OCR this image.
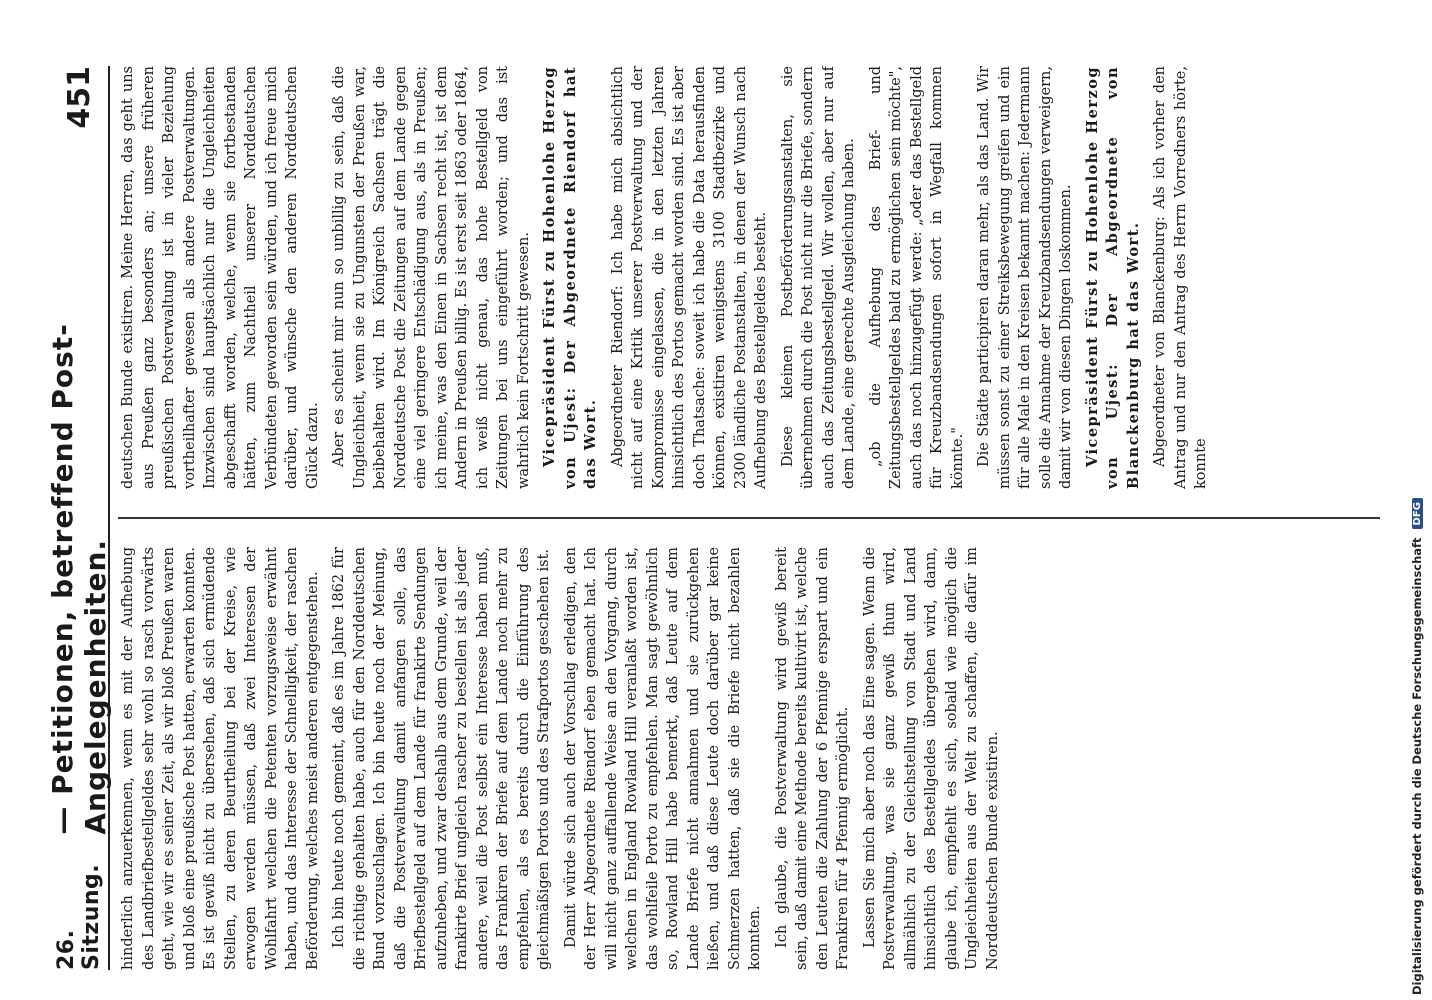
26. Sitzung.
— Petitionen, betreffend Post-Angelegenheiten.
451

hinderlich anzuerkennen, wenn es mit der Aufhebung des Landbriefbestellgeldes sehr wohl so rasch vorwärts geht, wie wir es seiner Zeit, als wir bloß Preußen waren und bloß eine preußische Post hatten, erwarten konnten. Es ist gewiß nicht zu übersehen, daß sich ermüdende Stellen, zu deren Beurtheilung bei der Kreise, wie erwogen werden müssen, daß zwei Interessen der Wohlfahrt welchen die Petenten vorzugsweise erwähnt haben, und das Interesse der Schnelligkeit, der raschen Beförderung, welches meist anderen entgegenstehen. Ich bin heute noch gemeint, daß es im Jahre 1862 für die richtige gehalten habe, auch für den Norddeutschen Bund vorzuschlagen. Ich bin heute noch der Meinung, daß die Postverwaltung damit anfangen solle, das Briefbestellgeld auf dem Lande für frankirte Sendungen aufzuheben, und zwar deshalb aus dem Grunde, weil der frankirte Brief ungleich rascher zu bestellen ist als jeder andere, weil die Post selbst ein Interesse haben muß, das Frankiren der Briefe auf dem Lande noch mehr zu empfehlen, als es bereits durch die Einführung des gleichmäßigen Portos und des Strafportos geschehen ist. Damit würde sich auch der Vorschlag erledigen, den der Herr Abgeordnete Riendorf eben gemacht hat. Ich will nicht ganz auffallende Weise an den Vorgang, durch welchen in England Rowland Hill veranlaßt worden ist, das wohlfeile Porto zu empfehlen. Man sagt gewöhnlich so, Rowland Hill habe bemerkt, daß Leute auf dem Lande Briefe nicht annahmen und sie zurückgehen ließen, und daß diese Leute doch darüber gar keine Schmerzen hatten, daß sie die Briefe nicht bezahlen konnten. Ich glaube, die Postverwaltung wird gewiß bereit sein, daß damit eine Methode bereits kultivirt ist, welche den Leuten die Zahlung der 6 Pfennige erspart und ein Frankiren für 4 Pfennig ermöglicht. Lassen Sie mich aber noch das Eine sagen. Wenn die Postverwaltung, was sie ganz gewiß thun wird, allmählich zu der Gleichstellung von Stadt und Land hinsichtlich des Bestellgeldes übergehen wird, dann, glaube ich, empfiehlt es sich, sobald wie möglich die Ungleichheiten aus der Welt zu schaffen, die dafür im Norddeutschen Bunde existiren.

deutschen Bunde existiren. Meine Herren, das geht uns aus Preußen ganz besonders an; unsere früheren preußischen Postverwaltung ist in vieler Beziehung vortheilhafter gewesen als andere Postverwaltungen. Inzwischen sind hauptsächlich nur die Ungleichheiten abgeschafft worden, welche, wenn sie fortbestanden hätten, zum Nachtheil unserer Norddeutschen Verbündeten geworden sein würden, und ich freue mich darüber, und wünsche den anderen Norddeutschen Glück dazu. Aber es scheint mir nun so unbillig zu sein, daß die Ungleichheit, wenn sie zu Ungunsten der Preußen war, beibehalten wird. Im Königreich Sachsen trägt die Norddeutsche Post die Zeitungen auf dem Lande gegen eine viel geringere Entschädigung aus, als in Preußen; ich meine, was den Einen in Sachsen recht ist, ist dem Andern in Preußen billig. Es ist erst seit 1863 oder 1864, ich weiß nicht genau, das hohe Bestellgeld von Zeitungen bei uns eingeführt worden; und das ist wahrlich kein Fortschritt gewesen. Vicepräsident Fürst zu Hohenlohe Herzog von Ujest: Der Abgeordnete Riendorf hat das Wort. Abgeordneter Riendorf: Ich habe mich absichtlich nicht auf eine Kritik unserer Postverwaltung und der Kompromisse eingelassen, die in den letzten Jahren hinsichtlich des Portos gemacht worden sind. Es ist aber doch Thatsache: soweit ich habe die Data herausfinden können, existiren wenigstens 3100 Stadtbezirke und 2300 ländliche Postanstalten, in denen der Wunsch nach Aufhebung des Bestellgeldes besteht. Diese kleinen Postbeförderungsanstalten, sie übernehmen durch die Post nicht nur die Briefe, sondern auch das Zeitungsbestellgeld. Wir wollen, aber nur auf dem Lande, eine gerechte Ausgleichung haben. „ob die Aufhebung des Brief- und Zeitungsbestellgeldes bald zu ermöglichen sein möchte", auch das noch hinzugefügt werde: „oder das Bestellgeld für Kreuzbandsendungen sofort in Wegfall kommen könnte." Die Städte participiren daran mehr, als das Land. Wir müssen sonst zu einer Streiksbewegung greifen und ein für alle Male in den Kreisen bekannt machen: Jedermann solle die Annahme der Kreuzbandsendungen verweigern, damit wir von diesen Dingen loskommen. Vicepräsident Fürst zu Hohenlohe Herzog von Ujest: Der Abgeordnete von Blanckenburg hat das Wort. Abgeordneter von Blanckenburg: Als ich vorher den Antrag und nur den Antrag des Herrn Vorredners hörte, konnte

Digitalisierung gefördert durch die Deutsche Forschungsgemeinschaft
DFG
